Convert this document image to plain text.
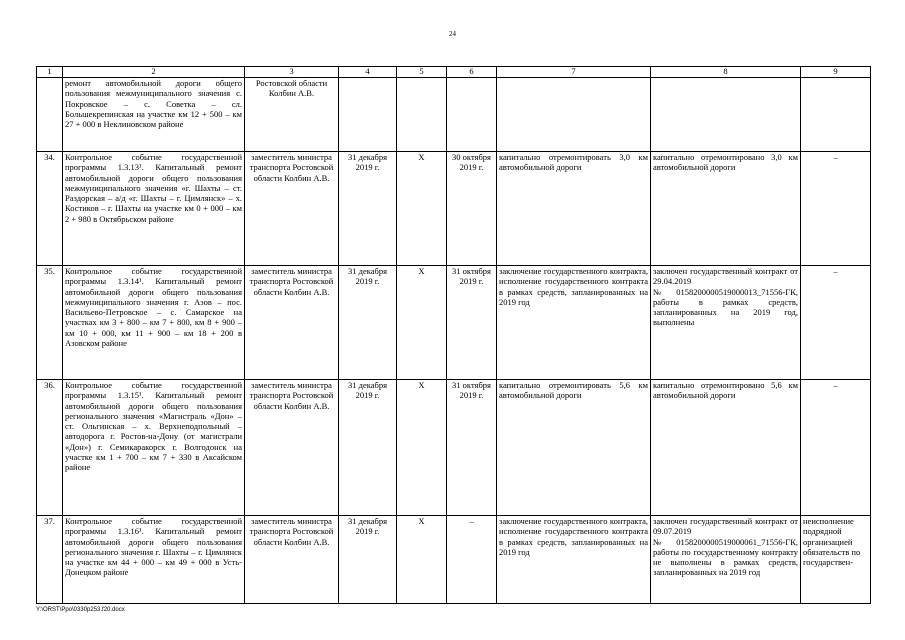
24
1	2	3	4	5	6	7	8	9
	ремонт автомобильной дороги общего пользования межмуниципального значения с. Покровское – с. Советка – сл. Большекрепинская на участке км 12 + 500 – км 27 + 000 в Неклиновском районе	Ростовской области Колбин А.В.						
34.	Контрольное событие государственной программы 1.3.13¹. Капитальный ремонт автомобильной дороги общего пользования межмуниципального значения «г. Шахты – ст. Раздорская – а/д «г. Шахты – г. Цимлянск» – х. Костиков – г. Шахты на участке км 0 + 000 – км 2 + 980 в Октябрьском районе	заместитель министра транспорта Ростовской области Колбин А.В.	31 декабря 2019 г.	X	30 октября 2019 г.	капитально отремонтировать 3,0 км автомобильной дороги	капитально отремонтировано 3,0 км автомобильной дороги	–
35.	Контрольное событие государственной программы 1.3.14¹. Капитальный ремонт автомобильной дороги общего пользования межмуниципального значения г. Азов – пос. Васильево-Петровское – с. Самарское на участках км 3 + 800 – км 7 + 800, км 8 + 900 – км 10 + 000, км 11 + 900 – км 18 + 200 в Азовском районе	заместитель министра транспорта Ростовской области Колбин А.В.	31 декабря 2019 г.	X	31 октября 2019 г.	заключение государственного контракта, исполнение государственного контракта в рамках средств, запланированных на 2019 год	заключен государственный контракт от 29.04.2019 №0158200000519000013_71556-ГК, работы в рамках средств, запланированных на 2019 год, выполнены	–
36.	Контрольное событие государственной программы 1.3.15¹. Капитальный ремонт автомобильной дороги общего пользования регионального значения «Магистраль «Дон» – ст. Ольгинская – х. Верхнеподпольный – автодорога г. Ростов-на-Дону (от магистрали «Дон») г. Семикаракорск г. Волгодонск на участке км 1 + 700 – км 7 + 330 в Аксайском районе	заместитель министра транспорта Ростовской области Колбин А.В.	31 декабря 2019 г.	X	31 октября 2019 г.	капитально отремонтировать 5,6 км автомобильной дороги	капитально отремонтировано 5,6 км автомобильной дороги	–
37.	Контрольное событие государственной программы 1.3.16¹. Капитальный ремонт автомобильной дороги общего пользования регионального значения г. Шахты – г. Цимлянск на участке км 44 + 000 – км 49 + 000 в Усть-Донецком районе	заместитель министра транспорта Ростовской области Колбин А.В.	31 декабря 2019 г.	X	–	заключение государственного контракта, исполнение государственного контракта в рамках средств, запланированных на 2019 год	заключен государственный контракт от 09.07.2019 №0158200000519000061_71556-ГК, работы по государственному контракту не выполнены в рамках средств, запланированных на 2019 год	неисполнение подрядной организацией обязательств по государствен-
Y:\ORST\Ppo\0330p253.f20.docx
